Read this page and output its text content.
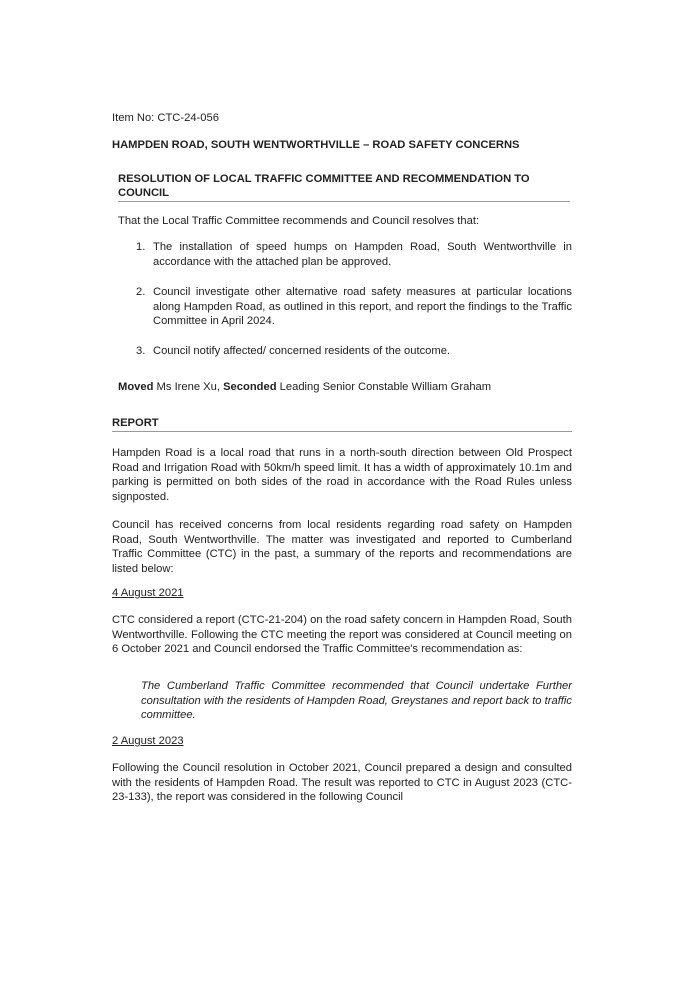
Item No: CTC-24-056
HAMPDEN ROAD, SOUTH WENTWORTHVILLE – ROAD SAFETY CONCERNS
RESOLUTION OF LOCAL TRAFFIC COMMITTEE AND RECOMMENDATION TO COUNCIL
That the Local Traffic Committee recommends and Council resolves that:
1. The installation of speed humps on Hampden Road, South Wentworthville in accordance with the attached plan be approved.
2. Council investigate other alternative road safety measures at particular locations along Hampden Road, as outlined in this report, and report the findings to the Traffic Committee in April 2024.
3. Council notify affected/ concerned residents of the outcome.
Moved Ms Irene Xu, Seconded Leading Senior Constable William Graham
REPORT
Hampden Road is a local road that runs in a north-south direction between Old Prospect Road and Irrigation Road with 50km/h speed limit. It has a width of approximately 10.1m and parking is permitted on both sides of the road in accordance with the Road Rules unless signposted.
Council has received concerns from local residents regarding road safety on Hampden Road, South Wentworthville. The matter was investigated and reported to Cumberland Traffic Committee (CTC) in the past, a summary of the reports and recommendations are listed below:
4 August 2021
CTC considered a report (CTC-21-204) on the road safety concern in Hampden Road, South Wentworthville. Following the CTC meeting the report was considered at Council meeting on 6 October 2021 and Council endorsed the Traffic Committee's recommendation as:
The Cumberland Traffic Committee recommended that Council undertake Further consultation with the residents of Hampden Road, Greystanes and report back to traffic committee.
2 August 2023
Following the Council resolution in October 2021, Council prepared a design and consulted with the residents of Hampden Road. The result was reported to CTC in August 2023 (CTC-23-133), the report was considered in the following Council
